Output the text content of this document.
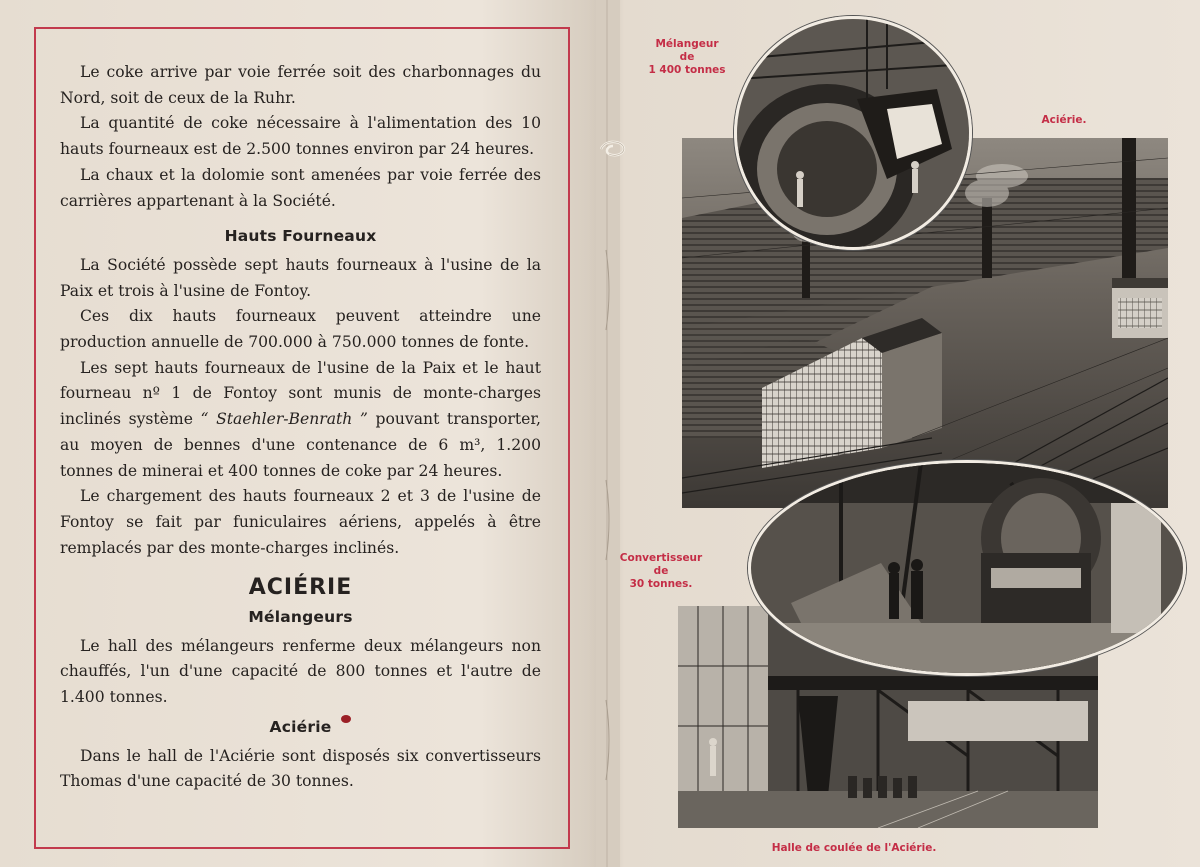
Le coke arrive par voie ferrée soit des charbonnages du Nord, soit de ceux de la Ruhr.

La quantité de coke nécessaire à l'alimentation des 10 hauts fourneaux est de 2.500 tonnes environ par 24 heures.

La chaux et la dolomie sont amenées par voie ferrée des carrières appartenant à la Société.

Hauts Fourneaux

La Société possède sept hauts fourneaux à l'usine de la Paix et trois à l'usine de Fontoy.

Ces dix hauts fourneaux peuvent atteindre une production annuelle de 700.000 à 750.000 tonnes de fonte.

Les sept hauts fourneaux de l'usine de la Paix et le haut fourneau nº 1 de Fontoy sont munis de monte-charges inclinés système “ Staehler-Benrath ” pouvant transporter, au moyen de bennes d'une contenance de 6 m³, 1.200 tonnes de minerai et 400 tonnes de coke par 24 heures.

Le chargement des hauts fourneaux 2 et 3 de l'usine de Fontoy se fait par funiculaires aériens, appelés à être remplacés par des monte-charges inclinés.

ACIÉRIE
Mélangeurs

Le hall des mélangeurs renferme deux mélangeurs non chauffés, l'un d'une capacité de 800 tonnes et l'autre de 1.400 tonnes.

Aciérie

Dans le hall de l'Aciérie sont disposés six convertisseurs Thomas d'une capacité de 30 tonnes.

Mélangeur
de
1 400 tonnes
Aciérie.
Convertisseur
de
30 tonnes.
Halle de coulée de l'Aciérie.
